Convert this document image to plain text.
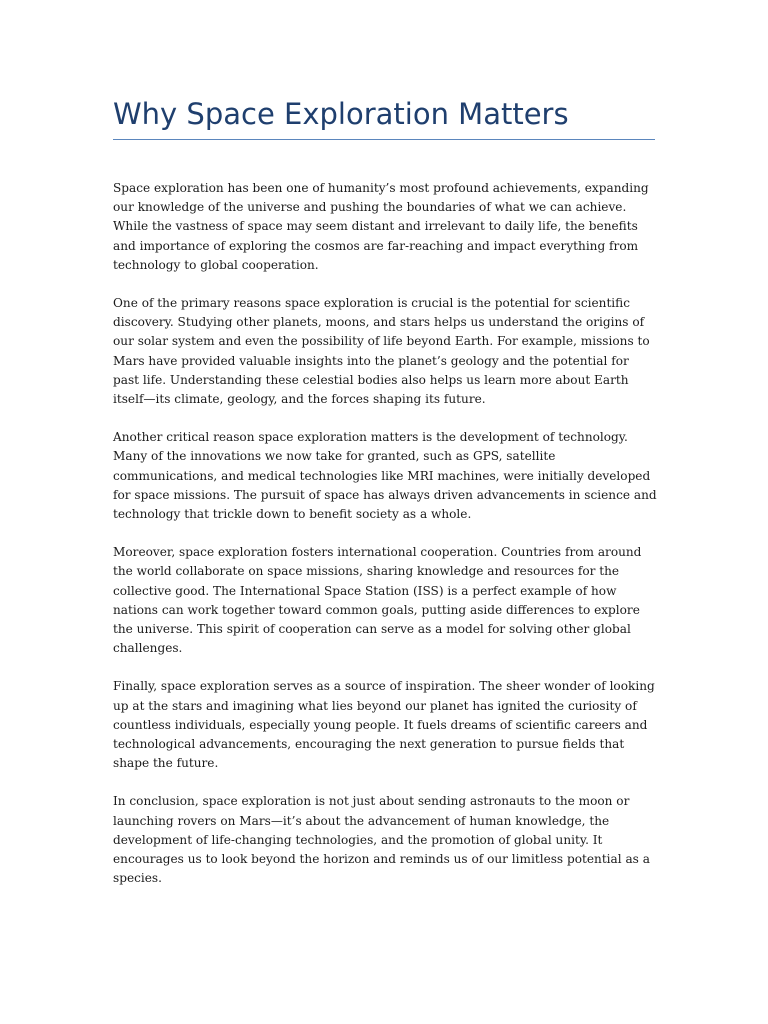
Why Space Exploration Matters

Space exploration has been one of humanity’s most profound achievements, expanding our knowledge of the universe and pushing the boundaries of what we can achieve. While the vastness of space may seem distant and irrelevant to daily life, the benefits and importance of exploring the cosmos are far-reaching and impact everything from technology to global cooperation.

One of the primary reasons space exploration is crucial is the potential for scientific discovery. Studying other planets, moons, and stars helps us understand the origins of our solar system and even the possibility of life beyond Earth. For example, missions to Mars have provided valuable insights into the planet’s geology and the potential for past life. Understanding these celestial bodies also helps us learn more about Earth itself—its climate, geology, and the forces shaping its future.

Another critical reason space exploration matters is the development of technology. Many of the innovations we now take for granted, such as GPS, satellite communications, and medical technologies like MRI machines, were initially developed for space missions. The pursuit of space has always driven advancements in science and technology that trickle down to benefit society as a whole.

Moreover, space exploration fosters international cooperation. Countries from around the world collaborate on space missions, sharing knowledge and resources for the collective good. The International Space Station (ISS) is a perfect example of how nations can work together toward common goals, putting aside differences to explore the universe. This spirit of cooperation can serve as a model for solving other global challenges.

Finally, space exploration serves as a source of inspiration. The sheer wonder of looking up at the stars and imagining what lies beyond our planet has ignited the curiosity of countless individuals, especially young people. It fuels dreams of scientific careers and technological advancements, encouraging the next generation to pursue fields that shape the future.

In conclusion, space exploration is not just about sending astronauts to the moon or launching rovers on Mars—it’s about the advancement of human knowledge, the development of life-changing technologies, and the promotion of global unity. It encourages us to look beyond the horizon and reminds us of our limitless potential as a species.
